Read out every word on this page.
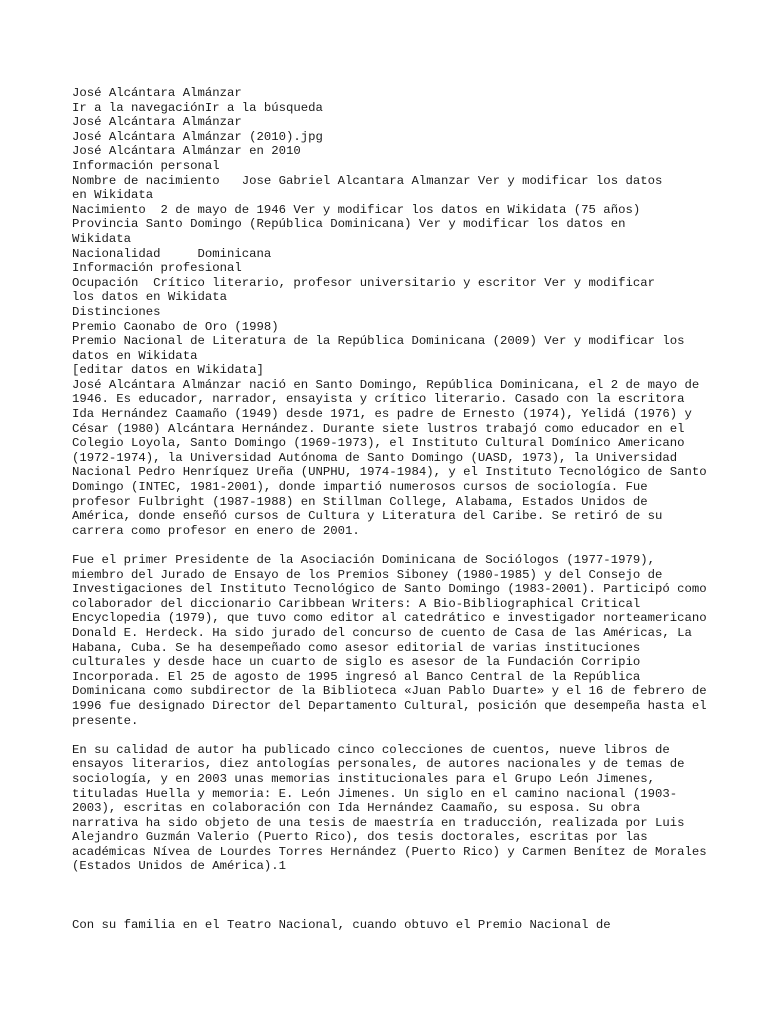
José Alcántara Almánzar
Ir a la navegaciónIr a la búsqueda
José Alcántara Almánzar
José Alcántara Almánzar (2010).jpg
José Alcántara Almánzar en 2010
Información personal
Nombre de nacimiento   Jose Gabriel Alcantara Almanzar Ver y modificar los datos
en Wikidata
Nacimiento  2 de mayo de 1946 Ver y modificar los datos en Wikidata (75 años)
Provincia Santo Domingo (República Dominicana) Ver y modificar los datos en
Wikidata
Nacionalidad     Dominicana
Información profesional
Ocupación  Crítico literario, profesor universitario y escritor Ver y modificar
los datos en Wikidata
Distinciones
Premio Caonabo de Oro (1998)
Premio Nacional de Literatura de la República Dominicana (2009) Ver y modificar los
datos en Wikidata
[editar datos en Wikidata]
José Alcántara Almánzar nació en Santo Domingo, República Dominicana, el 2 de mayo de 1946. Es educador, narrador, ensayista y crítico literario. Casado con la escritora Ida Hernández Caamaño (1949) desde 1971, es padre de Ernesto (1974), Yelidá (1976) y César (1980) Alcántara Hernández. Durante siete lustros trabajó como educador en el Colegio Loyola, Santo Domingo (1969-1973), el Instituto Cultural Domínico Americano (1972-1974), la Universidad Autónoma de Santo Domingo (UASD, 1973), la Universidad Nacional Pedro Henríquez Ureña (UNPHU, 1974-1984), y el Instituto Tecnológico de Santo Domingo (INTEC, 1981-2001), donde impartió numerosos cursos de sociología. Fue profesor Fulbright (1987-1988) en Stillman College, Alabama, Estados Unidos de América, donde enseñó cursos de Cultura y Literatura del Caribe. Se retiró de su carrera como profesor en enero de 2001.
Fue el primer Presidente de la Asociación Dominicana de Sociólogos (1977-1979), miembro del Jurado de Ensayo de los Premios Siboney (1980-1985) y del Consejo de Investigaciones del Instituto Tecnológico de Santo Domingo (1983-2001). Participó como colaborador del diccionario Caribbean Writers: A Bio-Bibliographical Critical Encyclopedia (1979), que tuvo como editor al catedrático e investigador norteamericano Donald E. Herdeck. Ha sido jurado del concurso de cuento de Casa de las Américas, La Habana, Cuba. Se ha desempeñado como asesor editorial de varias instituciones culturales y desde hace un cuarto de siglo es asesor de la Fundación Corripio Incorporada. El 25 de agosto de 1995 ingresó al Banco Central de la República Dominicana como subdirector de la Biblioteca «Juan Pablo Duarte» y el 16 de febrero de 1996 fue designado Director del Departamento Cultural, posición que desempeña hasta el presente.
En su calidad de autor ha publicado cinco colecciones de cuentos, nueve libros de ensayos literarios, diez antologías personales, de autores nacionales y de temas de sociología, y en 2003 unas memorias institucionales para el Grupo León Jimenes, tituladas Huella y memoria: E. León Jimenes. Un siglo en el camino nacional (1903-2003), escritas en colaboración con Ida Hernández Caamaño, su esposa. Su obra narrativa ha sido objeto de una tesis de maestría en traducción, realizada por Luis Alejandro Guzmán Valerio (Puerto Rico), dos tesis doctorales, escritas por las académicas Nívea de Lourdes Torres Hernández (Puerto Rico) y Carmen Benítez de Morales (Estados Unidos de América).1
Con su familia en el Teatro Nacional, cuando obtuvo el Premio Nacional de
